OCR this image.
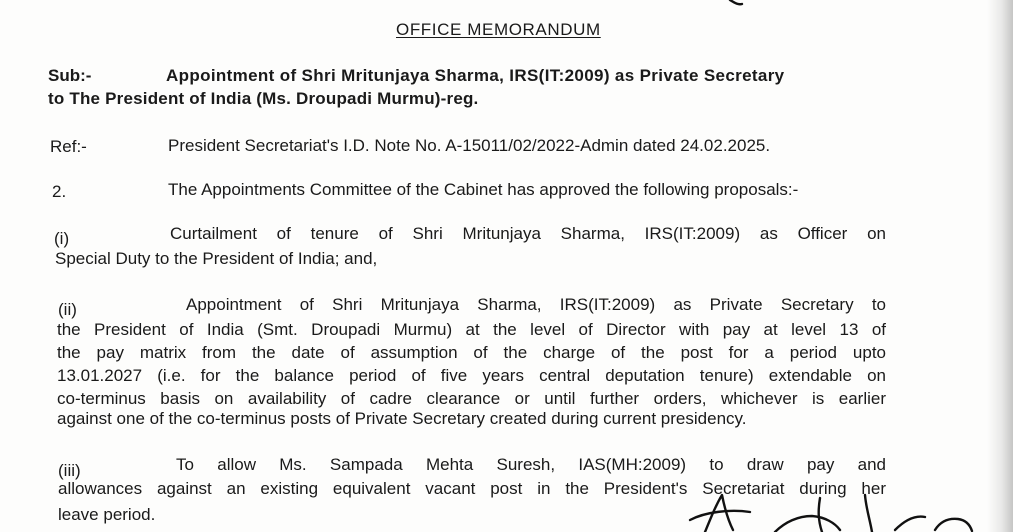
OFFICE MEMORANDUM
Sub:-	Appointment of Shri Mritunjaya Sharma, IRS(IT:2009) as Private Secretary
to The President of India (Ms. Droupadi Murmu)-reg.
Ref:-	President Secretariat's I.D. Note No. A-15011/02/2022-Admin dated 24.02.2025.
2.	The Appointments Committee of the Cabinet has approved the following proposals:-
(i)	Curtailment of tenure of Shri Mritunjaya Sharma, IRS(IT:2009) as Officer on
Special Duty to the President of India; and,
(ii)	Appointment of Shri Mritunjaya Sharma, IRS(IT:2009) as Private Secretary to
the President of India (Smt. Droupadi Murmu) at the level of Director with pay at level 13 of
the pay matrix from the date of assumption of the charge of the post for a period upto
13.01.2027 (i.e. for the balance period of five years central deputation tenure) extendable on
co-terminus basis on availability of cadre clearance or until further orders, whichever is earlier
against one of the co-terminus posts of Private Secretary created during current presidency.
(iii)	To allow Ms. Sampada Mehta Suresh, IAS(MH:2009) to draw pay and
allowances against an existing equivalent vacant post in the President's Secretariat during her
leave period.
